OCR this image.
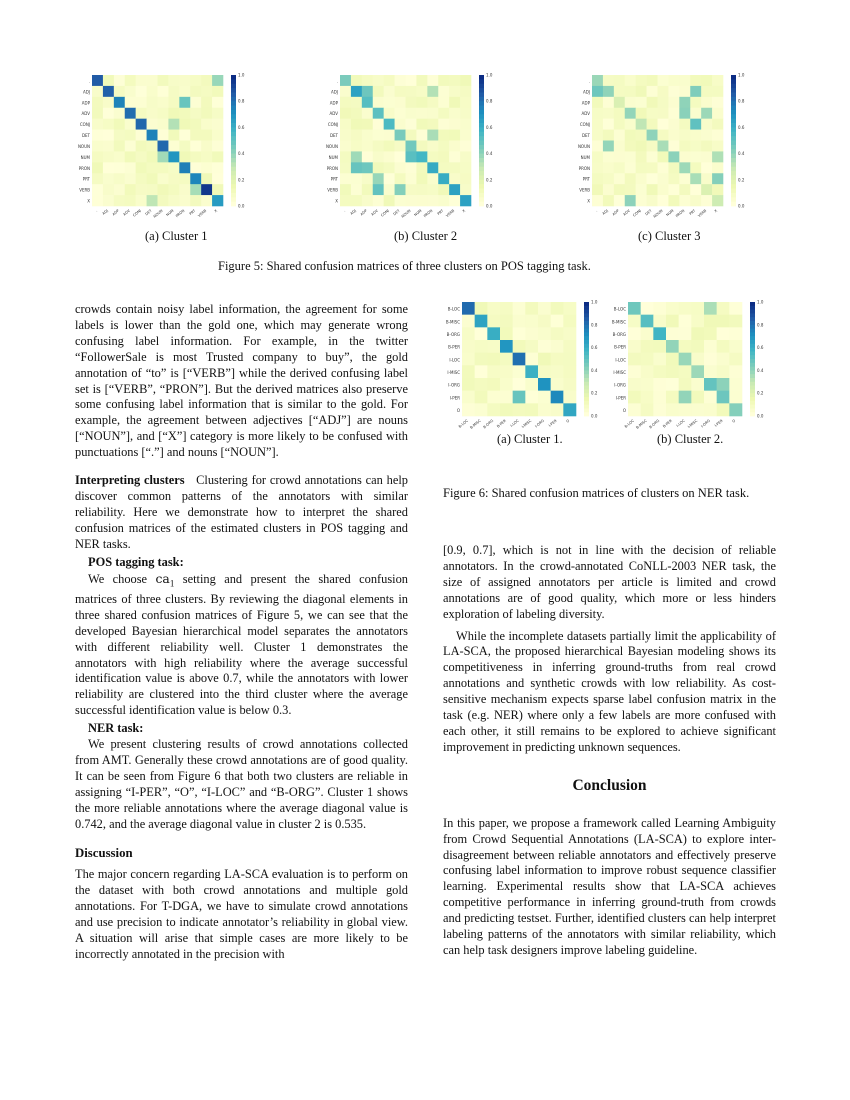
.
ADJ
ADP
ADV
CONJ
DET
NOUN
NUM
PRON
PRT
VERB
X
. ADJ ADP ADV CONJ DET NOUN NUM PRON PRT VERB X
1.0
0.8
0.6
0.4
0.2
0.0
.
ADJ
ADP
ADV
CONJ
DET
NOUN
NUM
PRON
PRT
VERB
X
. ADJ ADP ADV CONJ DET NOUN NUM PRON PRT VERB X
1.0
0.8
0.6
0.4
0.2
0.0
.
ADJ
ADP
ADV
CONJ
DET
NOUN
NUM
PRON
PRT
VERB
X
. ADJ ADP ADV CONJ DET NOUN NUM PRON PRT VERB X
1.0
0.8
0.6
0.4
0.2
0.0
(a) Cluster 1	(b) Cluster 2	(c) Cluster 3
Figure 5: Shared confusion matrices of three clusters on POS tagging task.
B-LOC
B-MISC
B-ORG
B-PER
I-LOC
I-MISC
I-ORG
I-PER
O
B-LOC B-MISC B-ORG B-PER I-LOC I-MISC I-ORG I-PER O
1.0
0.8
0.6
0.4
0.2
0.0
B-LOC
B-MISC
B-ORG
B-PER
I-LOC
I-MISC
I-ORG
I-PER
O
B-LOC B-MISC B-ORG B-PER I-LOC I-MISC I-ORG I-PER O
1.0
0.8
0.6
0.4
0.2
0.0
(a) Cluster 1.	(b) Cluster 2.
Figure 6: Shared confusion matrices of clusters on NER task.

crowds contain noisy label information, the agreement for some labels is lower than the gold one, which may generate wrong confusing label information. For example, in the twitter “FollowerSale is most Trusted company to buy”, the gold annotation of “to” is [“VERB”] while the derived confusing label set is [“VERB”, “PRON”]. But the derived matrices also preserve some confusing label information that is similar to the gold. For example, the agreement between adjectives [“ADJ”] are nouns [“NOUN”], and [“X”] category is more likely to be confused with punctuations [“.”] and nouns [“NOUN”].

Interpreting clusters Clustering for crowd annotations can help discover common patterns of the annotators with similar reliability. Here we demonstrate how to interpret the shared confusion matrices of the estimated clusters in POS tagging and NER tasks.

POS tagging task:

We choose $ca_1$ setting and present the shared confusion matrices of three clusters. By reviewing the diagonal elements in three shared confusion matrices of Figure 5, we can see that the developed Bayesian hierarchical model separates the annotators with different reliability well. Cluster 1 demonstrates the annotators with high reliability where the average successful identification value is above 0.7, while the annotators with lower reliability are clustered into the third cluster where the average successful identification value is below 0.3.

NER task:

We present clustering results of crowd annotations collected from AMT. Generally these crowd annotations are of good quality. It can be seen from Figure 6 that both two clusters are reliable in assigning “I-PER”, “O”, “I-LOC” and “B-ORG”. Cluster 1 shows the more reliable annotations where the average diagonal value is 0.742, and the average diagonal value in cluster 2 is 0.535.

Discussion

The major concern regarding LA-SCA evaluation is to perform on the dataset with both crowd annotations and multiple gold annotations. For T-DGA, we have to simulate crowd annotations and use precision to indicate annotator’s reliability in global view. A situation will arise that simple cases are more likely to be incorrectly annotated in the precision with

[0.9, 0.7], which is not in line with the decision of reliable annotators. In the crowd-annotated CoNLL-2003 NER task, the size of assigned annotators per article is limited and crowd annotations are of good quality, which more or less hinders exploration of labeling diversity.

While the incomplete datasets partially limit the applicability of LA-SCA, the proposed hierarchical Bayesian modeling shows its competitiveness in inferring ground-truths from real crowd annotations and synthetic crowds with low reliability. As cost-sensitive mechanism expects sparse label confusion matrix in the task (e.g. NER) where only a few labels are more confused with each other, it still remains to be explored to achieve significant improvement in predicting unknown sequences.

Conclusion

In this paper, we propose a framework called Learning Ambiguity from Crowd Sequential Annotations (LA-SCA) to explore inter-disagreement between reliable annotators and effectively preserve confusing label information to improve robust sequence classifier learning. Experimental results show that LA-SCA achieves competitive performance in inferring ground-truth from crowds and predicting testset. Further, identified clusters can help interpret labeling patterns of the annotators with similar reliability, which can help task designers improve labeling guideline.
